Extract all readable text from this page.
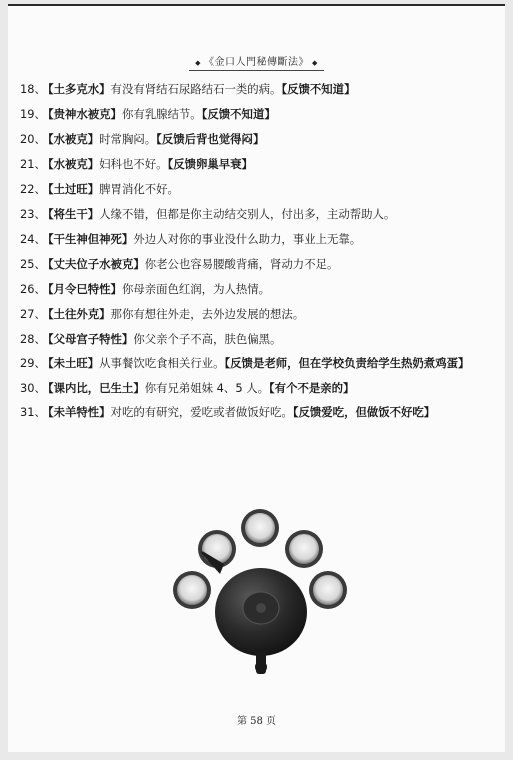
◆ 《金口人門秘傳斷法》 ◆
18、 【土多克水】有没有肾结石尿路结石一类的病。【反馈不知道】
19、 【贵神水被克】你有乳腺结节。【反馈不知道】
20、 【水被克】时常胸闷。【反馈后背也觉得闷】
21、 【水被克】妇科也不好。【反馈卵巢早衰】
22、 【土过旺】脾胃消化不好。
23、 【将生干】人缘不错，但都是你主动结交别人，付出多，主动帮助人。
24、 【干生神但神死】外边人对你的事业没什么助力，事业上无靠。
25、 【丈夫位子水被克】你老公也容易腰酸背痛，肾动力不足。
26、 【月令巳特性】你母亲面色红润，为人热情。
27、 【土往外克】那你有想往外走，去外边发展的想法。
28、 【父母宫子特性】你父亲个子不高，肤色偏黑。
29、 【未土旺】从事餐饮吃食相关行业。【反馈是老师，但在学校负责给学生热奶煮鸡蛋】
30、 【课内比，巳生土】你有兄弟姐妹 4、5 人。【有个不是亲的】
31、 【未羊特性】对吃的有研究，爱吃或者做饭好吃。【反馈爱吃，但做饭不好吃】
第 58 页
